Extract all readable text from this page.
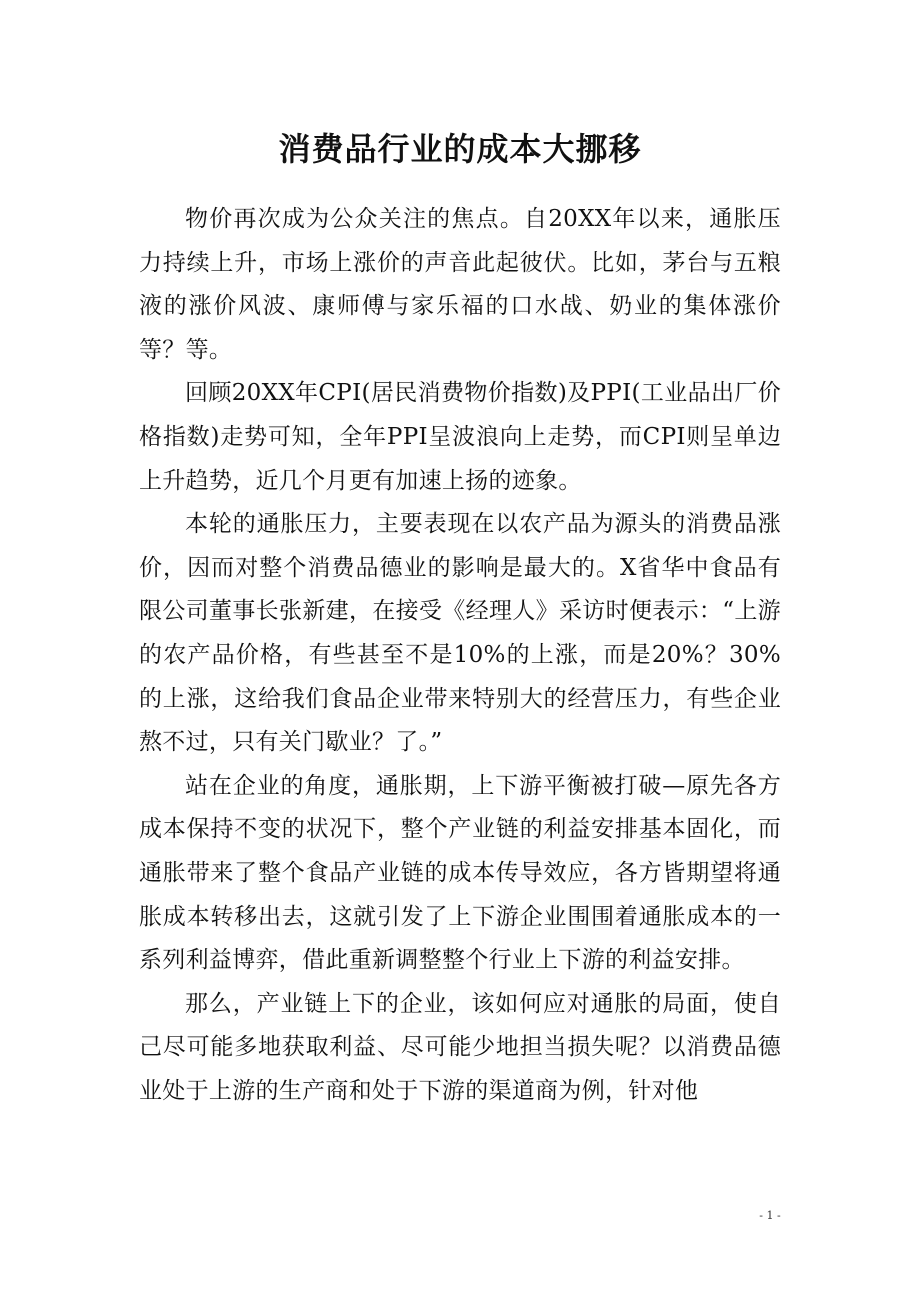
消费品行业的成本大挪移

物价再次成为公众关注的焦点。自20XX年以来，通胀压力持续上升，市场上涨价的声音此起彼伏。比如，茅台与五粮液的涨价风波、康师傅与家乐福的口水战、奶业的集体涨价等？等。

回顾20XX年CPI(居民消费物价指数)及PPI(工业品出厂价格指数)走势可知，全年PPI呈波浪向上走势，而CPI则呈单边上升趋势，近几个月更有加速上扬的迹象。

本轮的通胀压力，主要表现在以农产品为源头的消费品涨价，因而对整个消费品德业的影响是最大的。X省华中食品有限公司董事长张新建，在接受《经理人》采访时便表示：“上游的农产品价格，有些甚至不是10%的上涨，而是20%？30%的上涨，这给我们食品企业带来特别大的经营压力，有些企业熬不过，只有关门歇业？了。”

站在企业的角度，通胀期，上下游平衡被打破—原先各方成本保持不变的状况下，整个产业链的利益安排基本固化，而通胀带来了整个食品产业链的成本传导效应，各方皆期望将通胀成本转移出去，这就引发了上下游企业围围着通胀成本的一系列利益博弈，借此重新调整整个行业上下游的利益安排。

那么，产业链上下的企业，该如何应对通胀的局面，使自己尽可能多地获取利益、尽可能少地担当损失呢？以消费品德业处于上游的生产商和处于下游的渠道商为例，针对他

- 1 -
